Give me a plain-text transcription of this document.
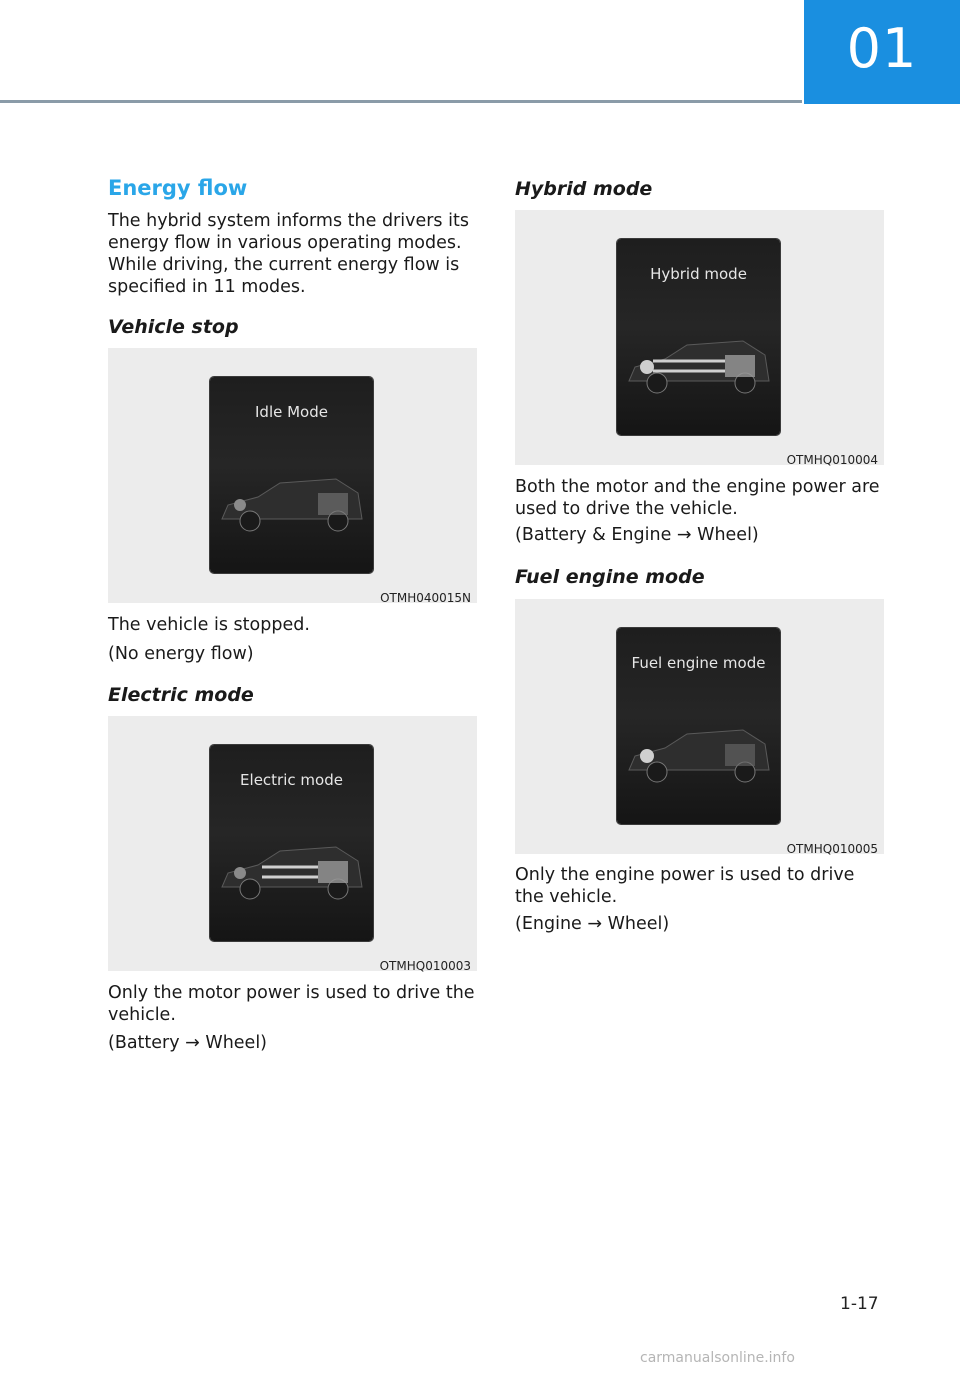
01
Energy flow

The hybrid system informs the drivers its energy flow in various operating modes. While driving, the current energy flow is specified in 11 modes.

Vehicle stop
Idle Mode
OTMH040015N

The vehicle is stopped.

(No energy flow)

Electric mode
Electric mode
OTMHQ010003

Only the motor power is used to drive the vehicle.

(Battery → Wheel)

Hybrid mode
Hybrid mode
OTMHQ010004

Both the motor and the engine power are used to drive the vehicle.

(Battery & Engine → Wheel)

Fuel engine mode
Fuel engine mode
OTMHQ010005

Only the engine power is used to drive the vehicle.

(Engine → Wheel)

1-17
carmanualsonline.info
